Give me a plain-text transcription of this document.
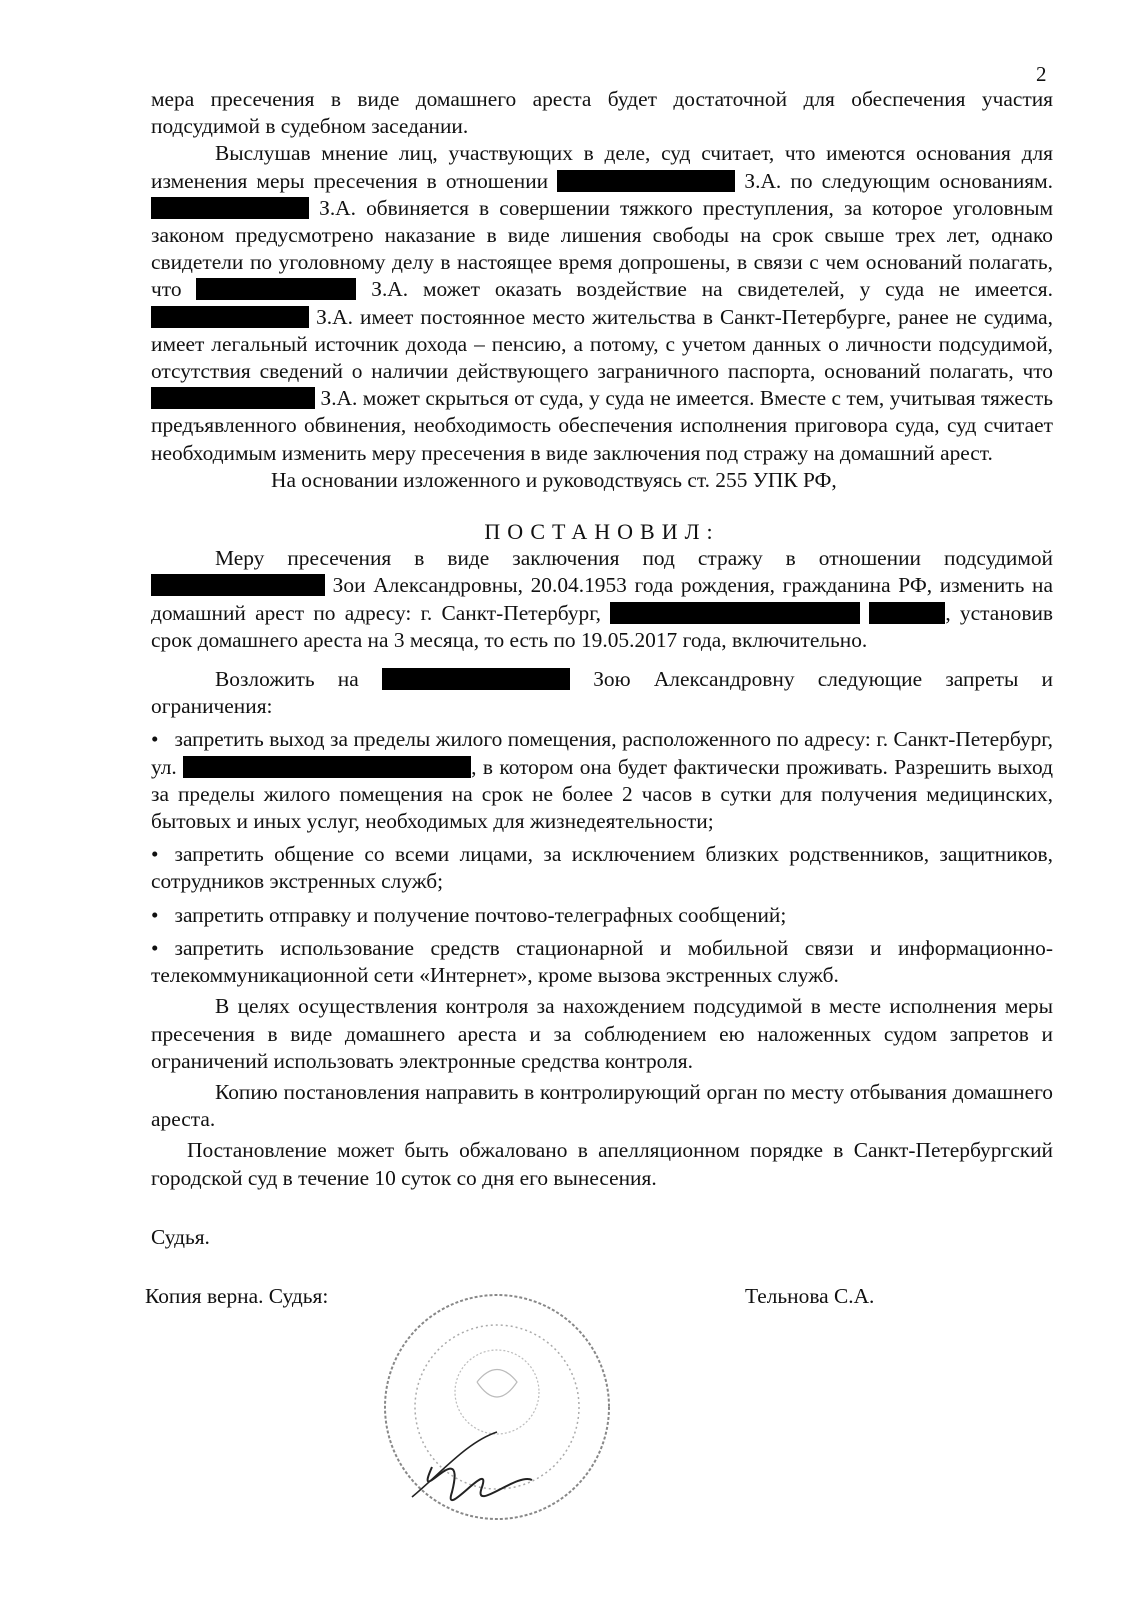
2

мера пресечения в виде домашнего ареста будет достаточной для обеспечения участия подсудимой в судебном заседании.

Выслушав мнение лиц, участвующих в деле, суд считает, что имеются основания для изменения меры пресечения в отношении	З.А. по следующим основаниям.  З.А. обвиняется в совершении тяжкого преступления, за которое уголовным законом предусмотрено наказание в виде лишения свободы на срок свыше трех лет, однако свидетели по уголовному делу в настоящее время допрошены, в связи с чем оснований полагать, что	З.А. может оказать воздействие на свидетелей, у суда не имеется.  З.А. имеет постоянное место жительства в Санкт-Петербурге, ранее не судима, имеет легальный источник дохода – пенсию, а потому, с учетом данных о личности подсудимой, отсутствия сведений о наличии действующего заграничного паспорта, оснований полагать, что  З.А. может скрыться от суда, у суда не имеется. Вместе с тем, учитывая тяжесть предъявленного обвинения, необходимость обеспечения исполнения приговора суда, суд считает необходимым изменить меру пресечения в виде заключения под стражу на домашний арест.

На основании изложенного и руководствуясь ст. 255 УПК РФ,

ПОСТАНОВИЛ:

Меру пресечения в виде заключения под стражу в отношении подсудимой  Зои Александровны, 20.04.1953 года рождения, гражданина РФ, изменить на домашний арест по адресу: г. Санкт-Петербург,	, установив срок домашнего ареста на 3 месяца, то есть по 19.05.2017 года, включительно.

Возложить на	Зою Александровну следующие запреты и ограничения:

• запретить выход за пределы жилого помещения, расположенного по адресу: г. Санкт-Петербург, ул.	, в котором она будет фактически проживать. Разрешить выход за пределы жилого помещения на срок не более 2 часов в сутки для получения медицинских, бытовых и иных услуг, необходимых для жизнедеятельности;

• запретить общение со всеми лицами, за исключением близких родственников, защитников, сотрудников экстренных служб;

• запретить отправку и получение почтово-телеграфных сообщений;

• запретить использование средств стационарной и мобильной связи и информационно-телекоммуникационной сети «Интернет», кроме вызова экстренных служб.

В целях осуществления контроля за нахождением подсудимой в месте исполнения меры пресечения в виде домашнего ареста и за соблюдением ею наложенных судом запретов и ограничений использовать электронные средства контроля.

Копию постановления направить в контролирующий орган по месту отбывания домашнего ареста.

Постановление может быть обжаловано в апелляционном порядке в Санкт-Петербургский городской суд в течение 10 суток со дня его вынесения.

Судья.

Копия верна. Судья:	Тельнова С.А.
